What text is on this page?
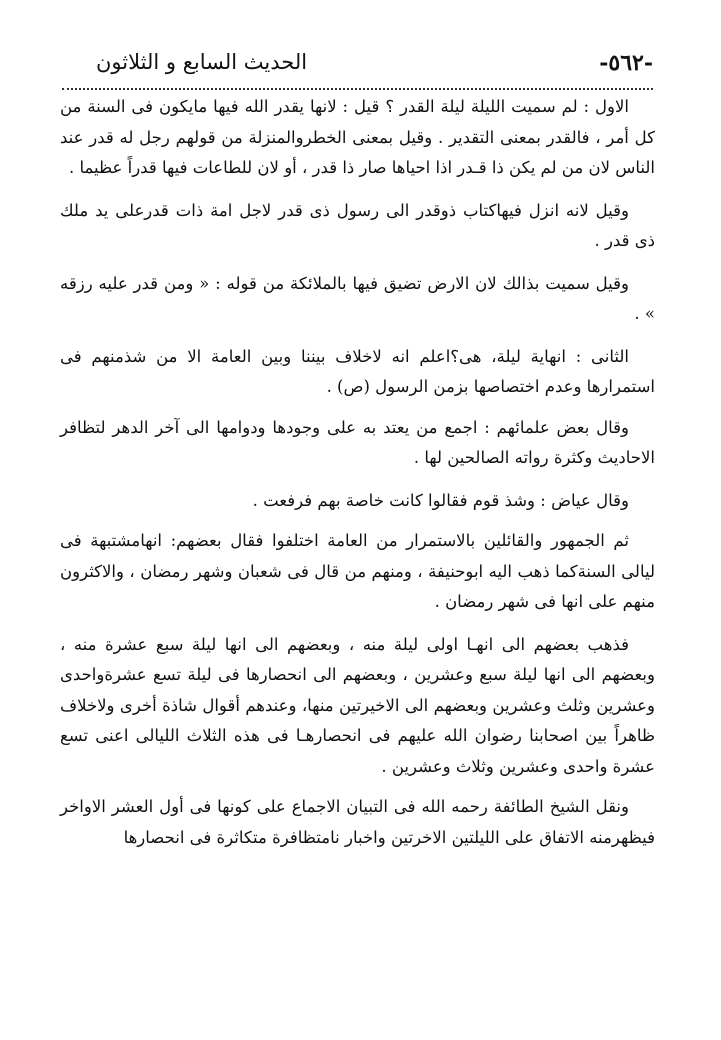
-٥٦٢-
الحديث السابع و الثلاثون

الاول : لم سميت الليلة ليلة القدر ؟ قيل : لانها يقدر الله فيها مايكون فى السنة من كل أمر ، فالقدر بمعنى التقدير . وقيل بمعنى الخطروالمنزلة من قولهم رجل له قدر عند الناس لان من لم يكن ذا قـدر اذا احياها صار ذا قدر ، أو لان للطاعات فيها قدراً عظيما .

وقيل لانه انزل فيهاكتاب ذوقدر الى رسول ذى قدر لاجل امة ذات قدرعلى يد ملك ذى قدر .

وقيل سميت بذالك لان الارض تضيق فيها بالملائكة من قوله : « ومن قدر عليه رزقه » .

الثانى : انهاية ليلة، هى؟اعلم انه لاخلاف بيننا وبين العامة الا من شذمنهم فى استمرارها وعدم اختصاصها بزمن الرسول (ص) .

وقال بعض علمائهم : اجمع من يعتد به على وجودها ودوامها الى آخر الدهر لتظافر الاحاديث وكثرة رواته الصالحين لها .

وقال عياض : وشذ قوم فقالوا كانت خاصة بهم فرفعت .

ثم الجمهور والقائلين بالاستمرار من العامة اختلفوا فقال بعضهم: انهامشتبهة فى ليالى السنةكما ذهب اليه ابوحنيفة ، ومنهم من قال فى شعبان وشهر رمضان ، والاكثرون منهم على انها فى شهر رمضان .

فذهب بعضهم الى انهـا اولى ليلة منه ، وبعضهم الى انها ليلة سبع عشرة منه ، وبعضهم الى انها ليلة سبع وعشرين ، وبعضهم الى انحصارها فى ليلة تسع عشرةواحدى وعشرين وثلث وعشرين وبعضهم الى الاخيرتين منها، وعندهم أقوال شاذة أخرى ولاخلاف ظاهراً بين اصحابنا رضوان الله عليهم فى انحصارهـا فى هذه الثلاث الليالى اعنى تسع عشرة واحدى وعشرين وثلاث وعشرين .

ونقل الشيخ الطائفة رحمه الله فى التبيان الاجماع على كونها فى أول العشر الاواخر فيظهرمنه الاتفاق على الليلتين الاخرتين واخبار نامتظافرة متكاثرة فى انحصارها
